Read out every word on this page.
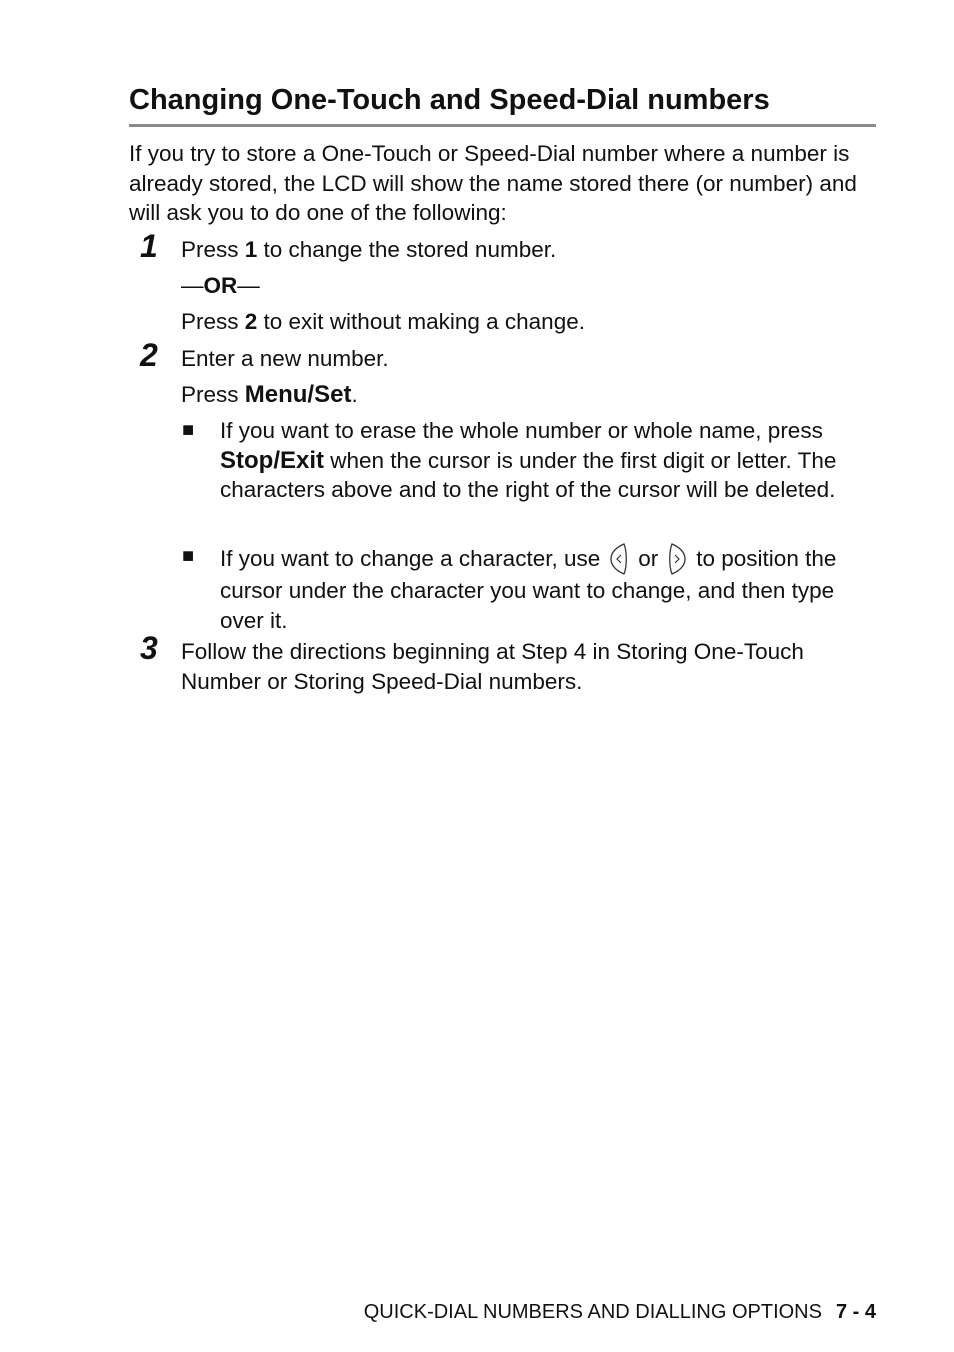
Changing One-Touch and Speed-Dial numbers

If you try to store a One-Touch or Speed-Dial number where a number is already stored, the LCD will show the name stored there (or number) and will ask you to do one of the following:

1 Press 1 to change the stored number.

—OR—

Press 2 to exit without making a change.

2 Enter a new number.

Press Menu/Set.

■ If you want to erase the whole number or whole name, press Stop/Exit when the cursor is under the first digit or letter. The characters above and to the right of the cursor will be deleted.

■ If you want to change a character, use or to position the cursor under the character you want to change, and then type over it.

3 Follow the directions beginning at Step 4 in Storing One-Touch Number or Storing Speed-Dial numbers.

QUICK-DIAL NUMBERS AND DIALLING OPTIONS 7 - 4
